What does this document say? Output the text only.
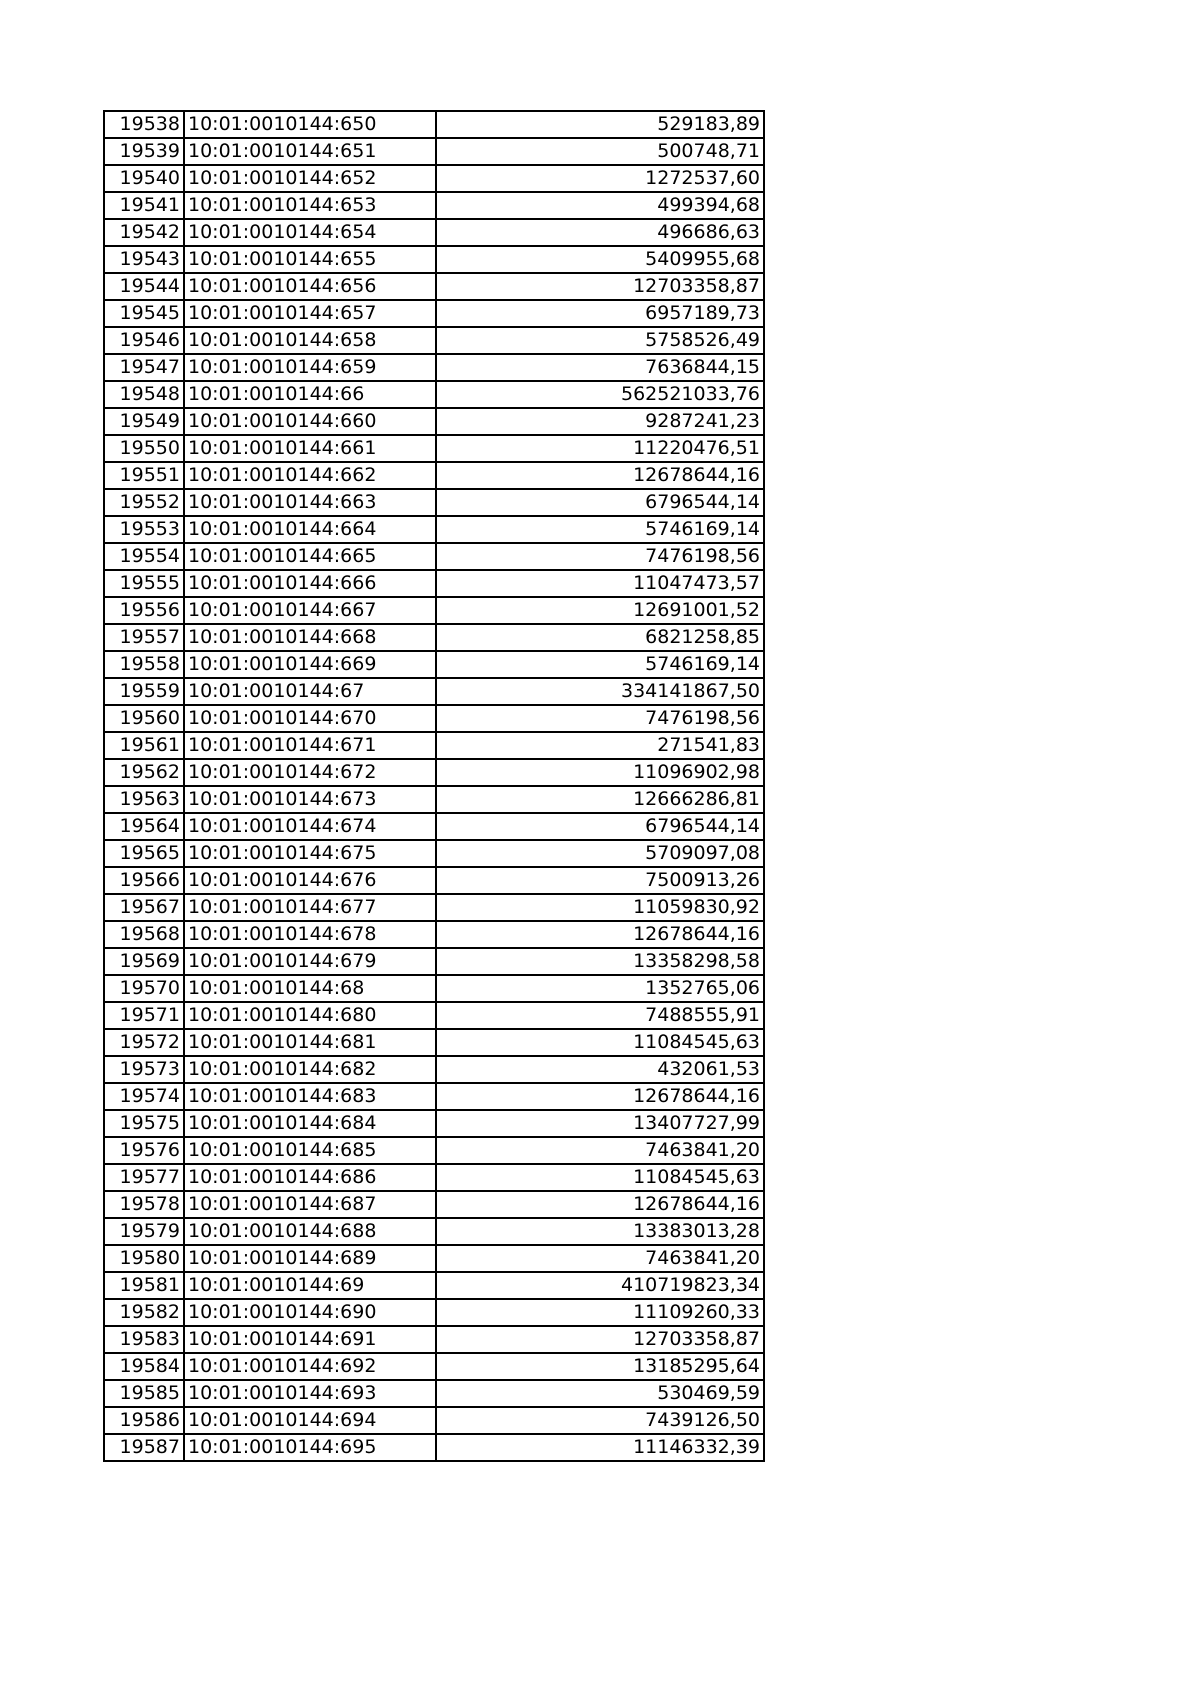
19538	10:01:0010144:650	529183,89
19539	10:01:0010144:651	500748,71
19540	10:01:0010144:652	1272537,60
19541	10:01:0010144:653	499394,68
19542	10:01:0010144:654	496686,63
19543	10:01:0010144:655	5409955,68
19544	10:01:0010144:656	12703358,87
19545	10:01:0010144:657	6957189,73
19546	10:01:0010144:658	5758526,49
19547	10:01:0010144:659	7636844,15
19548	10:01:0010144:66	562521033,76
19549	10:01:0010144:660	9287241,23
19550	10:01:0010144:661	11220476,51
19551	10:01:0010144:662	12678644,16
19552	10:01:0010144:663	6796544,14
19553	10:01:0010144:664	5746169,14
19554	10:01:0010144:665	7476198,56
19555	10:01:0010144:666	11047473,57
19556	10:01:0010144:667	12691001,52
19557	10:01:0010144:668	6821258,85
19558	10:01:0010144:669	5746169,14
19559	10:01:0010144:67	334141867,50
19560	10:01:0010144:670	7476198,56
19561	10:01:0010144:671	271541,83
19562	10:01:0010144:672	11096902,98
19563	10:01:0010144:673	12666286,81
19564	10:01:0010144:674	6796544,14
19565	10:01:0010144:675	5709097,08
19566	10:01:0010144:676	7500913,26
19567	10:01:0010144:677	11059830,92
19568	10:01:0010144:678	12678644,16
19569	10:01:0010144:679	13358298,58
19570	10:01:0010144:68	1352765,06
19571	10:01:0010144:680	7488555,91
19572	10:01:0010144:681	11084545,63
19573	10:01:0010144:682	432061,53
19574	10:01:0010144:683	12678644,16
19575	10:01:0010144:684	13407727,99
19576	10:01:0010144:685	7463841,20
19577	10:01:0010144:686	11084545,63
19578	10:01:0010144:687	12678644,16
19579	10:01:0010144:688	13383013,28
19580	10:01:0010144:689	7463841,20
19581	10:01:0010144:69	410719823,34
19582	10:01:0010144:690	11109260,33
19583	10:01:0010144:691	12703358,87
19584	10:01:0010144:692	13185295,64
19585	10:01:0010144:693	530469,59
19586	10:01:0010144:694	7439126,50
19587	10:01:0010144:695	11146332,39
